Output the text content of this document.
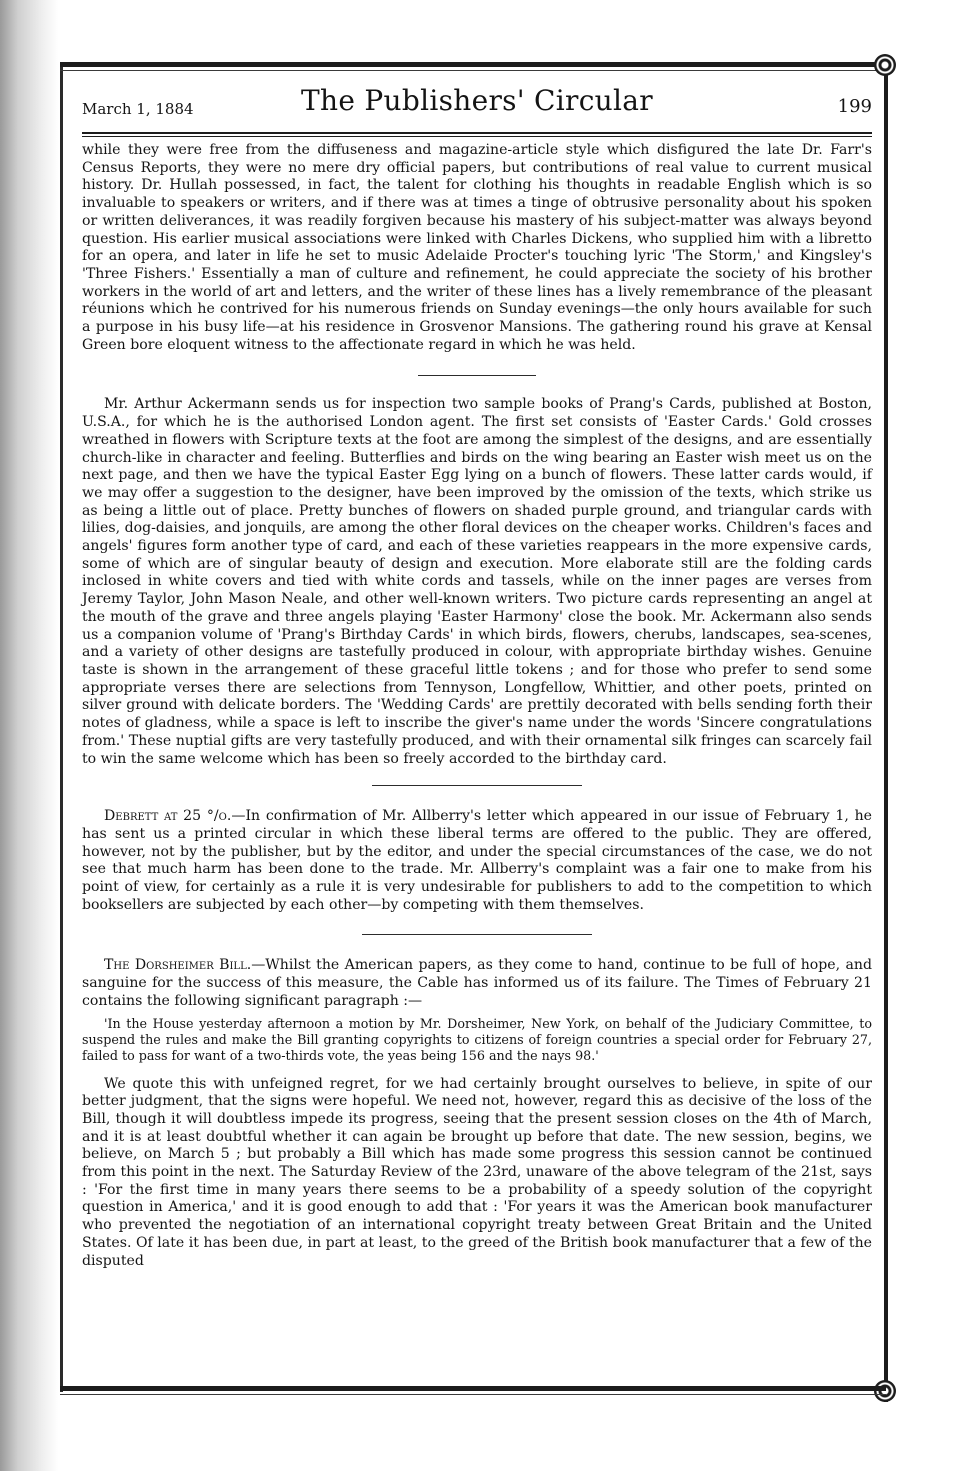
March 1, 1884	The Publishers' Circular	199

while they were free from the diffuseness and magazine-article style which disfigured the late Dr. Farr's Census Reports, they were no mere dry official papers, but contributions of real value to current musical history. Dr. Hullah possessed, in fact, the talent for clothing his thoughts in readable English which is so invaluable to speakers or writers, and if there was at times a tinge of obtrusive personality about his spoken or written deliverances, it was readily forgiven because his mastery of his subject-matter was always beyond question. His earlier musical associations were linked with Charles Dickens, who supplied him with a libretto for an opera, and later in life he set to music Adelaide Procter's touching lyric 'The Storm,' and Kingsley's 'Three Fishers.' Essentially a man of culture and refinement, he could appreciate the society of his brother workers in the world of art and letters, and the writer of these lines has a lively remembrance of the pleasant réunions which he contrived for his numerous friends on Sunday evenings—the only hours available for such a purpose in his busy life—at his residence in Grosvenor Mansions. The gathering round his grave at Kensal Green bore eloquent witness to the affectionate regard in which he was held.

Mr. Arthur Ackermann sends us for inspection two sample books of Prang's Cards, published at Boston, U.S.A., for which he is the authorised London agent. The first set consists of 'Easter Cards.' Gold crosses wreathed in flowers with Scripture texts at the foot are among the simplest of the designs, and are essentially church-like in character and feeling. Butterflies and birds on the wing bearing an Easter wish meet us on the next page, and then we have the typical Easter Egg lying on a bunch of flowers. These latter cards would, if we may offer a suggestion to the designer, have been improved by the omission of the texts, which strike us as being a little out of place. Pretty bunches of flowers on shaded purple ground, and triangular cards with lilies, dog-daisies, and jonquils, are among the other floral devices on the cheaper works. Children's faces and angels' figures form another type of card, and each of these varieties reappears in the more expensive cards, some of which are of singular beauty of design and execution. More elaborate still are the folding cards inclosed in white covers and tied with white cords and tassels, while on the inner pages are verses from Jeremy Taylor, John Mason Neale, and other well-known writers. Two picture cards representing an angel at the mouth of the grave and three angels playing 'Easter Harmony' close the book. Mr. Ackermann also sends us a companion volume of 'Prang's Birthday Cards' in which birds, flowers, cherubs, landscapes, sea-scenes, and a variety of other designs are tastefully produced in colour, with appropriate birthday wishes. Genuine taste is shown in the arrangement of these graceful little tokens ; and for those who prefer to send some appropriate verses there are selections from Tennyson, Longfellow, Whittier, and other poets, printed on silver ground with delicate borders. The 'Wedding Cards' are prettily decorated with bells sending forth their notes of gladness, while a space is left to inscribe the giver's name under the words 'Sincere congratulations from.' These nuptial gifts are very tastefully produced, and with their ornamental silk fringes can scarcely fail to win the same welcome which has been so freely accorded to the birthday card.

Debrett at 25 °/o.—In confirmation of Mr. Allberry's letter which appeared in our issue of February 1, he has sent us a printed circular in which these liberal terms are offered to the public. They are offered, however, not by the publisher, but by the editor, and under the special circumstances of the case, we do not see that much harm has been done to the trade. Mr. Allberry's complaint was a fair one to make from his point of view, for certainly as a rule it is very undesirable for publishers to add to the competition to which booksellers are subjected by each other—by competing with them themselves.

The Dorsheimer Bill.—Whilst the American papers, as they come to hand, continue to be full of hope, and sanguine for the success of this measure, the Cable has informed us of its failure. The Times of February 21 contains the following significant paragraph :—

'In the House yesterday afternoon a motion by Mr. Dorsheimer, New York, on behalf of the Judiciary Committee, to suspend the rules and make the Bill granting copyrights to citizens of foreign countries a special order for February 27, failed to pass for want of a two-thirds vote, the yeas being 156 and the nays 98.'

We quote this with unfeigned regret, for we had certainly brought ourselves to believe, in spite of our better judgment, that the signs were hopeful. We need not, however, regard this as decisive of the loss of the Bill, though it will doubtless impede its progress, seeing that the present session closes on the 4th of March, and it is at least doubtful whether it can again be brought up before that date. The new session, begins, we believe, on March 5 ; but probably a Bill which has made some progress this session cannot be continued from this point in the next. The Saturday Review of the 23rd, unaware of the above telegram of the 21st, says : 'For the first time in many years there seems to be a probability of a speedy solution of the copyright question in America,' and it is good enough to add that : 'For years it was the American book manufacturer who prevented the negotiation of an international copyright treaty between Great Britain and the United States. Of late it has been due, in part at least, to the greed of the British book manufacturer that a few of the disputed
